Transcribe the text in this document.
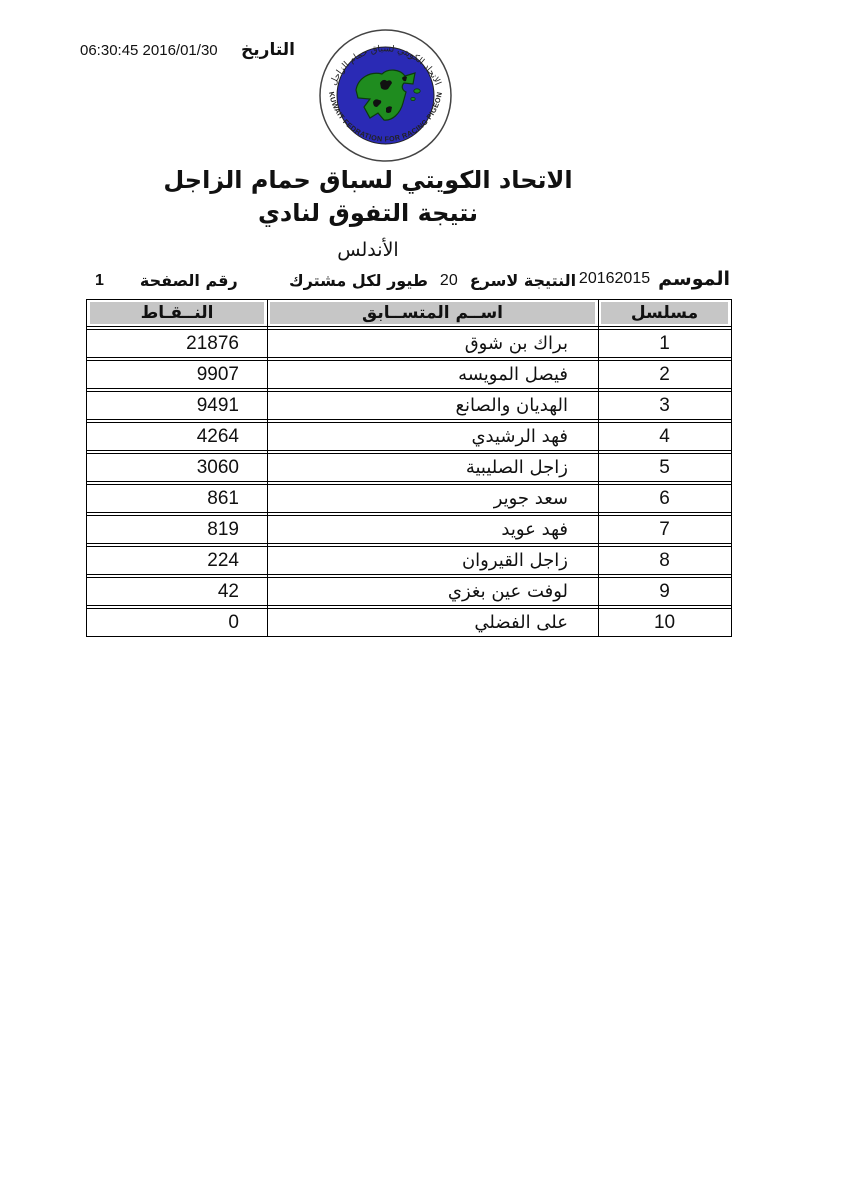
06:30:45 2016/01/30 التاريخ
الاتحاد الكويتي لسباق حمام الزاجل
KUWAIT FEDRATION FOR RACING PIGEON
الاتحاد الكويتي لسباق حمام الزاجل
نتيجة التفوق لنادي
الأندلس
الموسم
20162015
النتيجة لاسرع
20
طيور لكل مشترك
رقم الصفحة
1
مسلسل
اســم المتســابق
النــقـاط
1
براك بن شوق
21876
2
فيصل المويسه
9907
3
الهديان والصانع
9491
4
فهد الرشيدي
4264
5
زاجل الصليبية
3060
6
سعد جوير
861
7
فهد عويد
819
8
زاجل القيروان
224
9
لوفت عين بغزي
42
10
على الفضلي
0
